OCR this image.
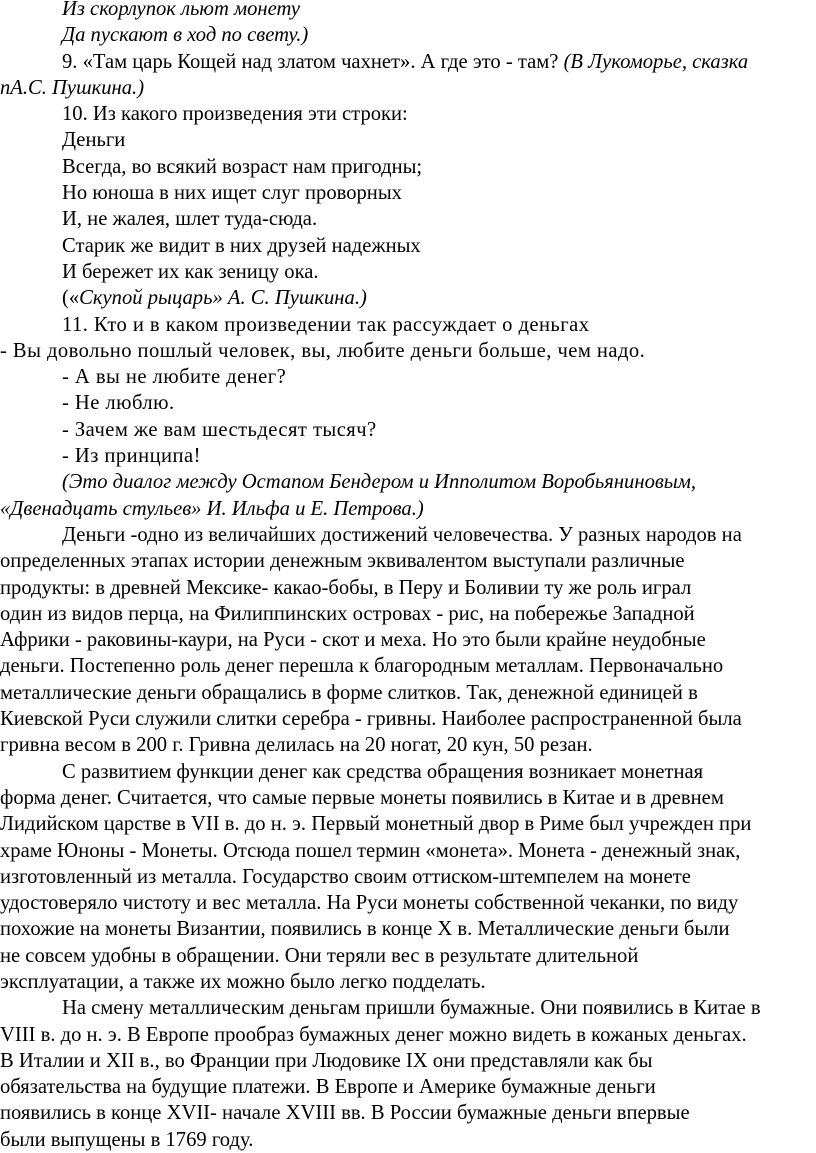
Из скорлупок льют монету
Да пускают в ход по свету.)
9. «Там царь Кощей над златом чахнет». А где это - там? (В Лукоморье, сказка
пА.С. Пушкина.)
10. Из какого произведения эти строки:
Деньги
Всегда, во всякий возраст нам пригодны;
Но юноша в них ищет слуг проворных
И, не жалея, шлет туда-сюда.
Старик же видит в них друзей надежных
И бережет их как зеницу ока.
(«Скупой рыцарь» А. С. Пушкина.)
11. Кто и в каком произведении так рассуждает о деньгах
- Вы довольно пошлый человек, вы, любите деньги больше, чем надо.
- А вы не любите денег?
- Не люблю.
- Зачем же вам шестьдесят тысяч?
- Из принципа!
(Это диалог между Остапом Бендером и Ипполитом Воробьяниновым,
«Двенадцать стульев» И. Ильфа и Е. Петрова.)
Деньги -одно из величайших достижений человечества. У разных народов на
определенных этапах истории денежным эквивалентом выступали различные
продукты: в древней Мексике- какао-бобы, в Перу и Боливии ту же роль играл
один из видов перца, на Филиппинских островах - рис, на побережье Западной
Африки - раковины-каури, на Руси - скот и меха. Но это были крайне неудобные
деньги. Постепенно роль денег перешла к благородным металлам. Первоначально
металлические деньги обращались в форме слитков. Так, денежной единицей в
Киевской Руси служили слитки серебра - гривны. Наиболее распространенной была
гривна весом в 200 г. Гривна делилась на 20 ногат, 20 кун, 50 резан.
С развитием функции денег как средства обращения возникает монетная
форма денег. Считается, что самые первые монеты появились в Китае и в древнем
Лидийском царстве в VII в. до н. э. Первый монетный двор в Риме был учрежден при
храме Юноны - Монеты. Отсюда пошел термин «монета». Монета - денежный знак,
изготовленный из металла. Государство своим оттиском-штемпелем на монете
удостоверяло чистоту и вес металла. На Руси монеты собственной чеканки, по виду
похожие на монеты Византии, появились в конце X в. Металлические деньги были
не совсем удобны в обращении. Они теряли вес в результате длительной
эксплуатации, а также их можно было легко подделать.
На смену металлическим деньгам пришли бумажные. Они появились в Китае в
VIII в. до н. э. В Европе прообраз бумажных денег можно видеть в кожаных деньгах.
В Италии и XII в., во Франции при Людовике IX они представляли как бы
обязательства на будущие платежи. В Европе и Америке бумажные деньги
появились в конце XVII- начале XVIII вв. В России бумажные деньги впервые
были выпущены в 1769 году.
